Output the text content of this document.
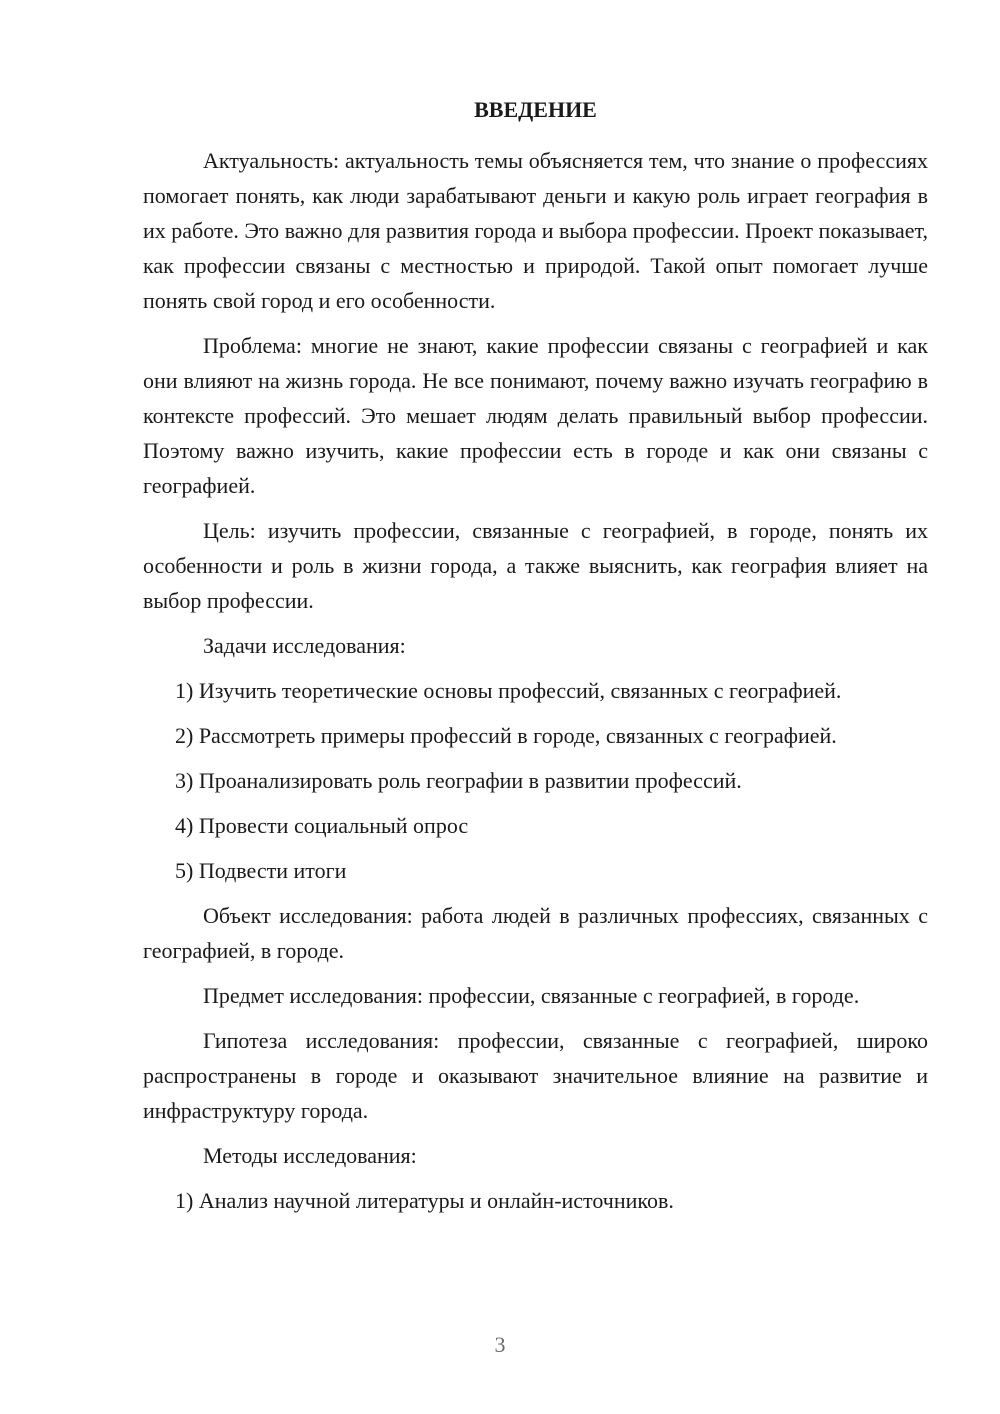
ВВЕДЕНИЕ

Актуальность: актуальность темы объясняется тем, что знание о профессиях помогает понять, как люди зарабатывают деньги и какую роль играет география в их работе. Это важно для развития города и выбора профессии. Проект показывает, как профессии связаны с местностью и природой. Такой опыт помогает лучше понять свой город и его особенности.

Проблема: многие не знают, какие профессии связаны с географией и как они влияют на жизнь города. Не все понимают, почему важно изучать географию в контексте профессий. Это мешает людям делать правильный выбор профессии. Поэтому важно изучить, какие профессии есть в городе и как они связаны с географией.

Цель: изучить профессии, связанные с географией, в городе, понять их особенности и роль в жизни города, а также выяснить, как география влияет на выбор профессии.

Задачи исследования:
1) Изучить теоретические основы профессий, связанных с географией.
2) Рассмотреть примеры профессий в городе, связанных с географией.
3) Проанализировать роль географии в развитии профессий.
4) Провести социальный опрос
5) Подвести итоги

Объект исследования: работа людей в различных профессиях, связанных с географией, в городе.

Предмет исследования: профессии, связанные с географией, в городе.

Гипотеза исследования: профессии, связанные с географией, широко распространены в городе и оказывают значительное влияние на развитие и инфраструктуру города.

Методы исследования:
1) Анализ научной литературы и онлайн-источников.
3
